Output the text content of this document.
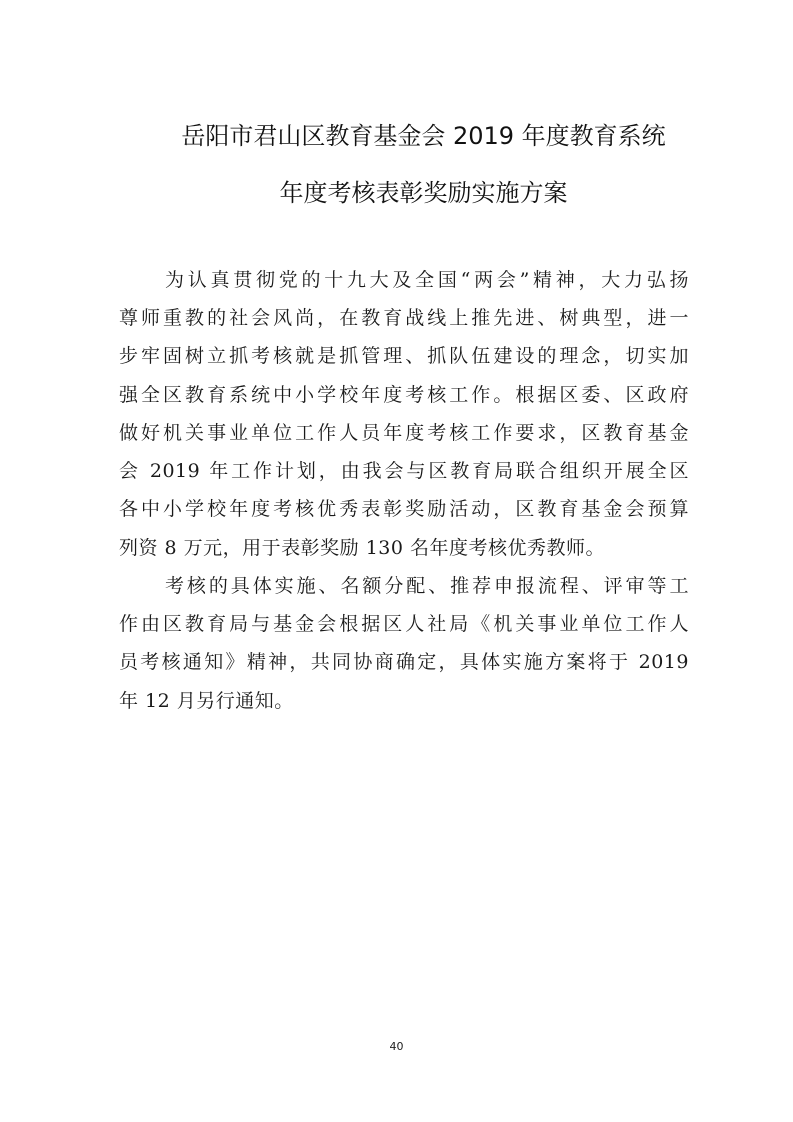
岳阳市君山区教育基金会 2019 年度教育系统
年度考核表彰奖励实施方案
为认真贯彻党的十九大及全国“两会”精神，大力弘扬
尊师重教的社会风尚，在教育战线上推先进、树典型，进一
步牢固树立抓考核就是抓管理、抓队伍建设的理念，切实加
强全区教育系统中小学校年度考核工作。根据区委、区政府
做好机关事业单位工作人员年度考核工作要求，区教育基金
会 2019 年工作计划，由我会与区教育局联合组织开展全区
各中小学校年度考核优秀表彰奖励活动，区教育基金会预算
列资 8 万元，用于表彰奖励 130 名年度考核优秀教师。
考核的具体实施、名额分配、推荐申报流程、评审等工
作由区教育局与基金会根据区人社局《机关事业单位工作人
员考核通知》精神，共同协商确定，具体实施方案将于 2019
年 12 月另行通知。
40
